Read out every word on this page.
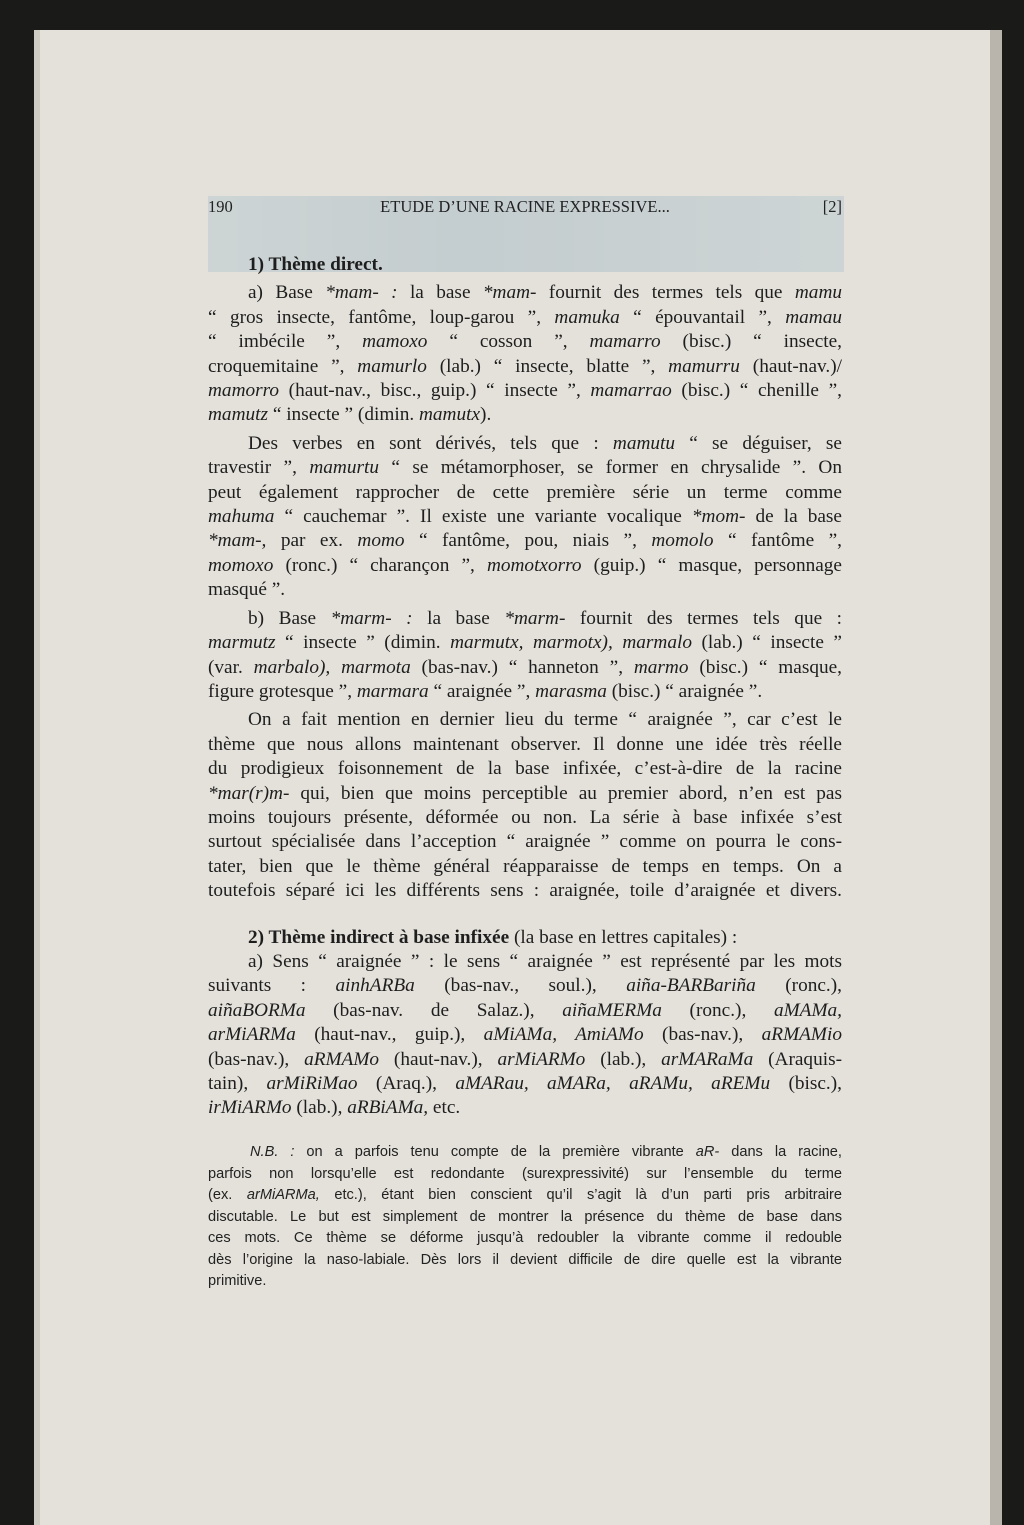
190	ETUDE D’UNE RACINE EXPRESSIVE...	[2]
1) Thème direct.
a) Base *mam- : la base *mam- fournit des termes tels que mamu
“ gros insecte, fantôme, loup-garou ”, mamuka “ épouvantail ”, mamau
“ imbécile ”, mamoxo “ cosson ”, mamarro (bisc.) “ insecte,
croquemitaine ”, mamurlo (lab.) “ insecte, blatte ”, mamurru (haut-nav.)/
mamorro (haut-nav., bisc., guip.) “ insecte ”, mamarrao (bisc.) “ chenille ”,
mamutz “ insecte ” (dimin. mamutx).
Des verbes en sont dérivés, tels que : mamutu “ se déguiser, se
travestir ”, mamurtu “ se métamorphoser, se former en chrysalide ”. On
peut également rapprocher de cette première série un terme comme
mahuma “ cauchemar ”. Il existe une variante vocalique *mom- de la base
*mam-, par ex. momo “ fantôme, pou, niais ”, momolo “ fantôme ”,
momoxo (ronc.) “ charançon ”, momotxorro (guip.) “ masque, personnage
masqué ”.
b) Base *marm- : la base *marm- fournit des termes tels que :
marmutz “ insecte ” (dimin. marmutx, marmotx), marmalo (lab.) “ insecte ”
(var. marbalo), marmota (bas-nav.) “ hanneton ”, marmo (bisc.) “ masque,
figure grotesque ”, marmara “ araignée ”, marasma (bisc.) “ araignée ”.
On a fait mention en dernier lieu du terme “ araignée ”, car c’est le
thème que nous allons maintenant observer. Il donne une idée très réelle
du prodigieux foisonnement de la base infixée, c’est-à-dire de la racine
*mar(r)m- qui, bien que moins perceptible au premier abord, n’en est pas
moins toujours présente, déformée ou non. La série à base infixée s’est
surtout spécialisée dans l’acception “ araignée ” comme on pourra le cons-
tater, bien que le thème général réapparaisse de temps en temps. On a
toutefois séparé ici les différents sens : araignée, toile d’araignée et divers.
2) Thème indirect à base infixée (la base en lettres capitales) :
a) Sens “ araignée ” : le sens “ araignée ” est représenté par les mots
suivants : ainhARBa (bas-nav., soul.), aiña-BARBariña (ronc.),
aiñaBORMa (bas-nav. de Salaz.), aiñaMERMa (ronc.), aMAMa,
arMiARMa (haut-nav., guip.), aMiAMa, AmiAMo (bas-nav.), aRMAMio
(bas-nav.), aRMAMo (haut-nav.), arMiARMo (lab.), arMARaMa (Araquis-
tain), arMiRiMao (Araq.), aMARau, aMARa, aRAMu, aREMu (bisc.),
irMiARMo (lab.), aRBiAMa, etc.
N.B. : on a parfois tenu compte de la première vibrante aR- dans la racine,
parfois non lorsqu’elle est redondante (surexpressivité) sur l’ensemble du terme
(ex. arMiARMa, etc.), étant bien conscient qu’il s’agit là d’un parti pris arbitraire
discutable. Le but est simplement de montrer la présence du thème de base dans
ces mots. Ce thème se déforme jusqu’à redoubler la vibrante comme il redouble
dès l’origine la naso-labiale. Dès lors il devient difficile de dire quelle est la vibrante
primitive.
